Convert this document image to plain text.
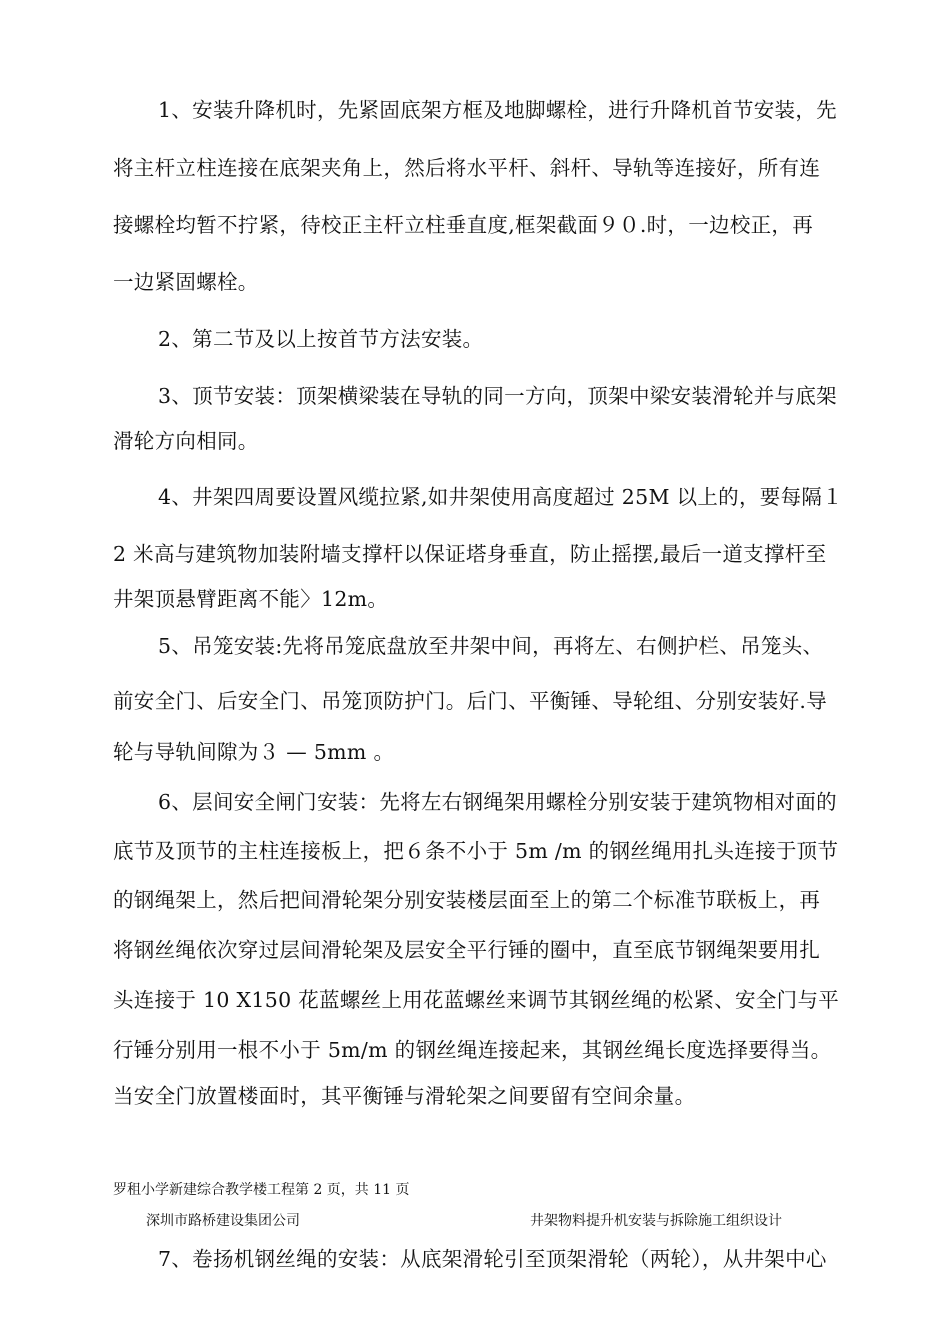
1、安装升降机时，先紧固底架方框及地脚螺栓，进行升降机首节安装，先
将主杆立柱连接在底架夹角上，然后将水平杆、斜杆、导轨等连接好，所有连
接螺栓均暂不拧紧，待校正主杆立柱垂直度,框架截面９０.时，一边校正，再
一边紧固螺栓。
2、第二节及以上按首节方法安装。
3、顶节安装：顶架横梁装在导轨的同一方向，顶架中梁安装滑轮并与底架
滑轮方向相同。
4、井架四周要设置风缆拉紧,如井架使用高度超过 25M 以上的，要每隔１
2 米高与建筑物加装附墙支撑杆以保证塔身垂直，防止摇摆,最后一道支撑杆至
井架顶悬臂距离不能〉12m。
5、吊笼安装:先将吊笼底盘放至井架中间，再将左、右侧护栏、吊笼头、
前安全门、后安全门、吊笼顶防护门。后门、平衡锤、导轮组、分别安装好.导
轮与导轨间隙为３ — 5mm 。
6、层间安全闸门安装：先将左右钢绳架用螺栓分别安装于建筑物相对面的
底节及顶节的主柱连接板上，把６条不小于 5m /m 的钢丝绳用扎头连接于顶节
的钢绳架上，然后把间滑轮架分别安装楼层面至上的第二个标准节联板上，再
将钢丝绳依次穿过层间滑轮架及层安全平行锤的圈中，直至底节钢绳架要用扎
头连接于 10 X150 花蓝螺丝上用花蓝螺丝来调节其钢丝绳的松紧、安全门与平
行锤分别用一根不小于 5m/m 的钢丝绳连接起来，其钢丝绳长度选择要得当。
当安全门放置楼面时，其平衡锤与滑轮架之间要留有空间余量。
罗租小学新建综合教学楼工程第 2 页，共 11 页
深圳市路桥建设集团公司	井架物料提升机安装与拆除施工组织设计
7、卷扬机钢丝绳的安装：从底架滑轮引至顶架滑轮（两轮），从井架中心
